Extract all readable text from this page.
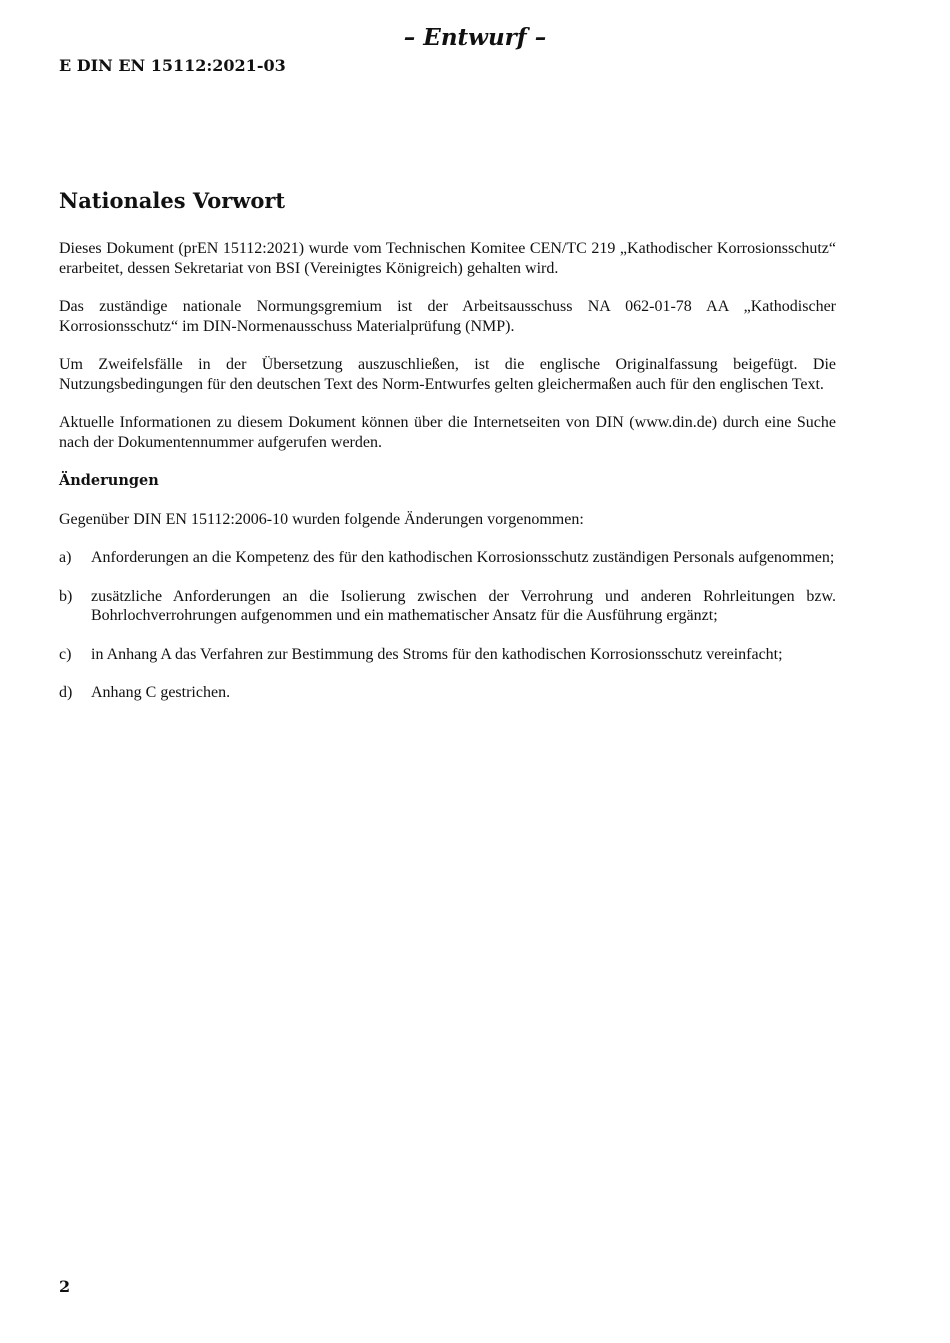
– Entwurf –
E DIN EN 15112:2021-03
Nationales Vorwort

Dieses Dokument (prEN 15112:2021) wurde vom Technischen Komitee CEN/TC 219 „Kathodischer Korrosionsschutz“ erarbeitet, dessen Sekretariat von BSI (Vereinigtes Königreich) gehalten wird.

Das zuständige nationale Normungsgremium ist der Arbeitsausschuss NA 062-01-78 AA „Kathodischer Korrosionsschutz“ im DIN-Normenausschuss Materialprüfung (NMP).

Um Zweifelsfälle in der Übersetzung auszuschließen, ist die englische Originalfassung beigefügt. Die Nutzungsbedingungen für den deutschen Text des Norm-Entwurfes gelten gleichermaßen auch für den englischen Text.

Aktuelle Informationen zu diesem Dokument können über die Internetseiten von DIN (www.din.de) durch eine Suche nach der Dokumentennummer aufgerufen werden.

Änderungen

Gegenüber DIN EN 15112:2006-10 wurden folgende Änderungen vorgenommen:

a)	Anforderungen an die Kompetenz des für den kathodischen Korrosionsschutz zuständigen Personals aufgenommen;
b)	zusätzliche Anforderungen an die Isolierung zwischen der Verrohrung und anderen Rohrleitungen bzw. Bohrlochverrohrungen aufgenommen und ein mathematischer Ansatz für die Ausführung ergänzt;
c)	in Anhang A das Verfahren zur Bestimmung des Stroms für den kathodischen Korrosionsschutz vereinfacht;
d)	Anhang C gestrichen.
2
